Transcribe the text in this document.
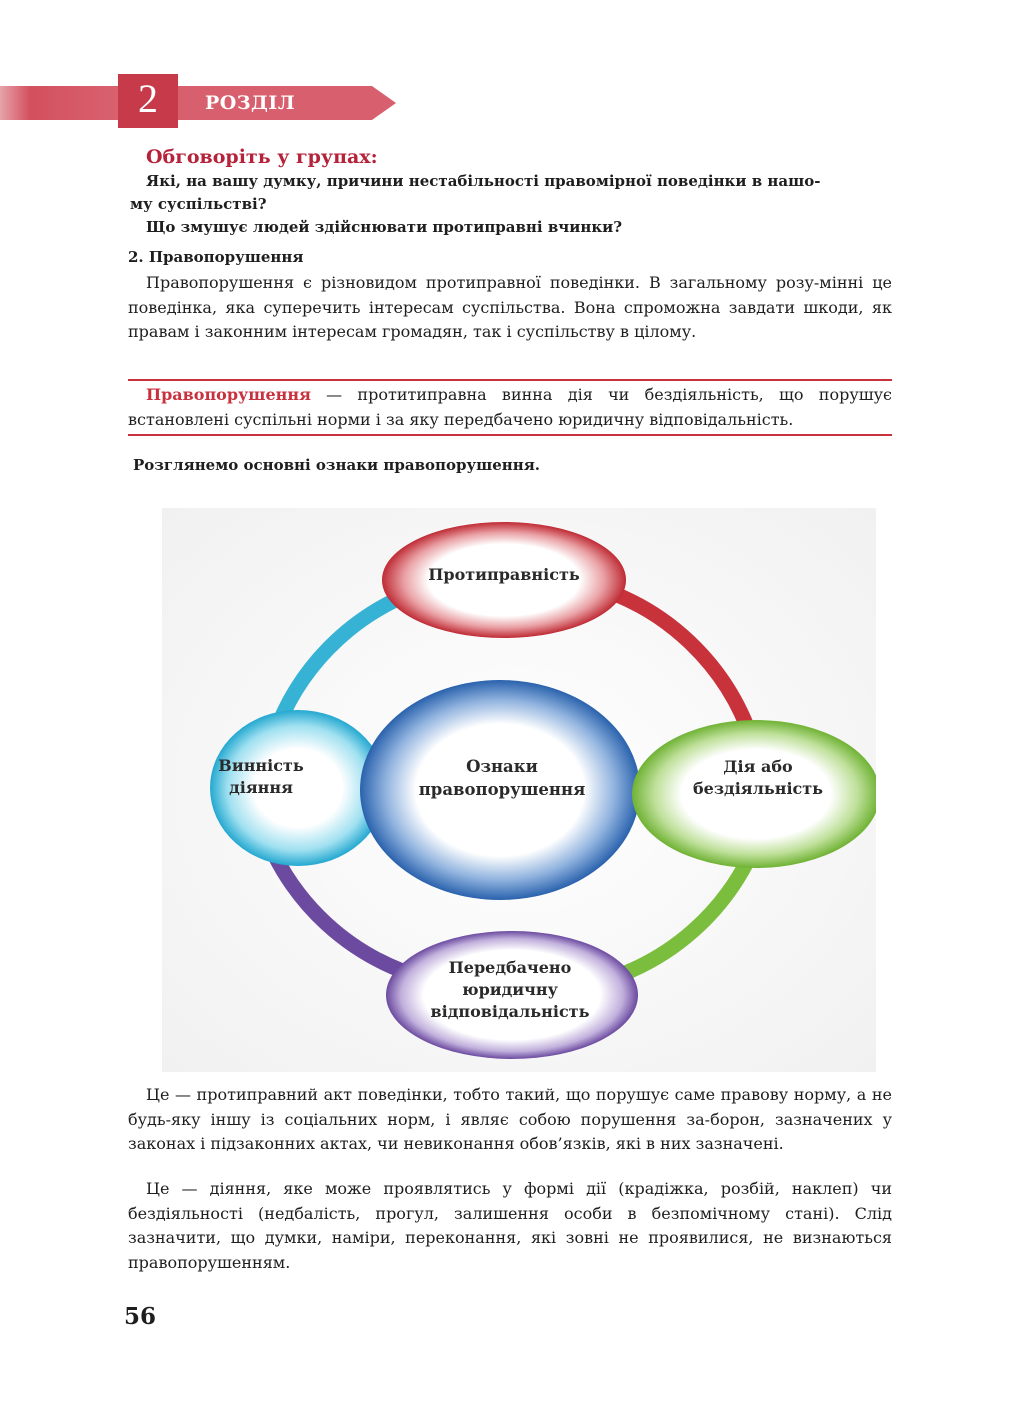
2	РОЗДІЛ

Обговоріть у групах:

Які, на вашу думку, причини нестабільності правомірної поведінки в нашо-
му суспільстві?

Що змушує людей здійснювати протиправні вчинки?

2. Правопорушення

Правопорушення є різновидом протиправної поведінки. В загальному розу-мінні це поведінка, яка суперечить інтересам суспільства. Вона спроможна завдати шкоди, як правам і законним інтересам громадян, так і суспільству в цілому.

Правопорушення — протитиправна винна дія чи бездіяльність, що порушує встановлені суспільні норми і за яку передбачено юридичну відповідальність.

Розглянемо основні ознаки правопорушення.

Протиправність
Ознаки
правопорушення
Винність
діяння
Дія або
бездіяльність
Передбачено
юридичну
відповідальність

Це — протиправний акт поведінки, тобто такий, що порушує саме правову норму, а не будь-яку іншу із соціальних норм, і являє собою порушення за-борон, зазначених у законах і підзаконних актах, чи невиконання обов’язків, які в них зазначені.

Це — діяння, яке може проявлятись у формі дії (крадіжка, розбій, наклеп) чи бездіяльності (недбалість, прогул, залишення особи в безпомічному стані). Слід зазначити, що думки, наміри, переконання, які зовні не проявилися, не визнаються правопорушенням.

56
